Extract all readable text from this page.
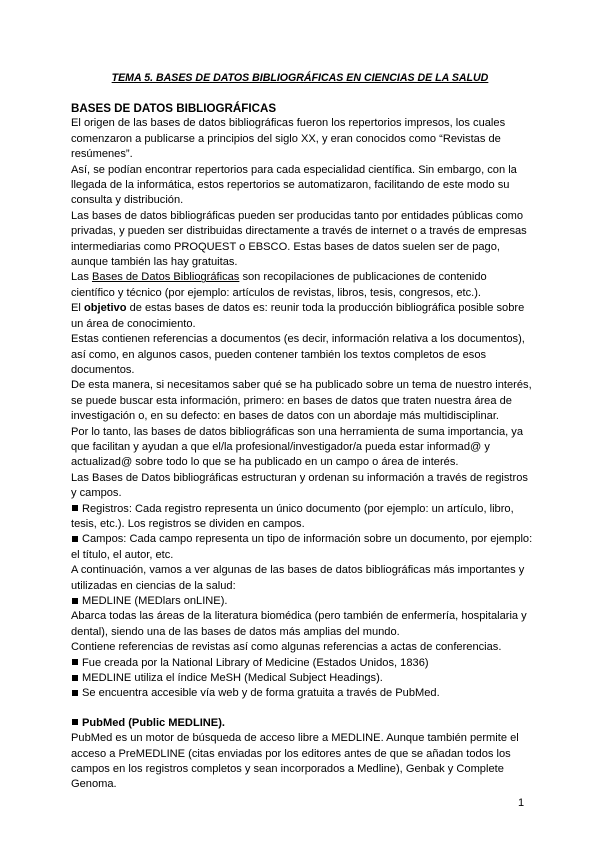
TEMA 5. BASES DE DATOS BIBLIOGRÁFICAS EN CIENCIAS DE LA SALUD

BASES DE DATOS BIBLIOGRÁFICAS

El origen de las bases de datos bibliográficas fueron los repertorios impresos, los cuales comenzaron a publicarse a principios del siglo XX, y eran conocidos como “Revistas de resúmenes”.

Así, se podían encontrar repertorios para cada especialidad científica. Sin embargo, con la llegada de la informática, estos repertorios se automatizaron, facilitando de este modo su consulta y distribución.

Las bases de datos bibliográficas pueden ser producidas tanto por entidades públicas como privadas, y pueden ser distribuidas directamente a través de internet o a través de empresas intermediarias como PROQUEST o EBSCO. Estas bases de datos suelen ser de pago, aunque también las hay gratuitas.

Las Bases de Datos Bibliográficas son recopilaciones de publicaciones de contenido científico y técnico (por ejemplo: artículos de revistas, libros, tesis, congresos, etc.).

El objetivo de estas bases de datos es: reunir toda la producción bibliográfica posible sobre un área de conocimiento.

Estas contienen referencias a documentos (es decir, información relativa a los documentos), así como, en algunos casos, pueden contener también los textos completos de esos documentos.

De esta manera, si necesitamos saber qué se ha publicado sobre un tema de nuestro interés, se puede buscar esta información, primero: en bases de datos que traten nuestra área de investigación o, en su defecto: en bases de datos con un abordaje más multidisciplinar.

Por lo tanto, las bases de datos bibliográficas son una herramienta de suma importancia, ya que facilitan y ayudan a que el/la profesional/investigador/a pueda estar informad@ y actualizad@ sobre todo lo que se ha publicado en un campo o área de interés.

Las Bases de Datos bibliográficas estructuran y ordenan su información a través de registros y campos.

Registros: Cada registro representa un único documento (por ejemplo: un artículo, libro, tesis, etc.). Los registros se dividen en campos.

Campos: Cada campo representa un tipo de información sobre un documento, por ejemplo: el título, el autor, etc.

A continuación, vamos a ver algunas de las bases de datos bibliográficas más importantes y utilizadas en ciencias de la salud:

MEDLINE (MEDlars onLINE).

Abarca todas las áreas de la literatura biomédica (pero también de enfermería, hospitalaria y dental), siendo una de las bases de datos más amplias del mundo.

Contiene referencias de revistas así como algunas referencias a actas de conferencias.

Fue creada por la National Library of Medicine (Estados Unidos, 1836)

MEDLINE utiliza el índice MeSH (Medical Subject Headings).

Se encuentra accesible vía web y de forma gratuita a través de PubMed.

PubMed (Public MEDLINE).

PubMed es un motor de búsqueda de acceso libre a MEDLINE. Aunque también permite el acceso a PreMEDLINE (citas enviadas por los editores antes de que se añadan todos los campos en los registros completos y sean incorporados a Medline), Genbak y Complete Genoma.

1
